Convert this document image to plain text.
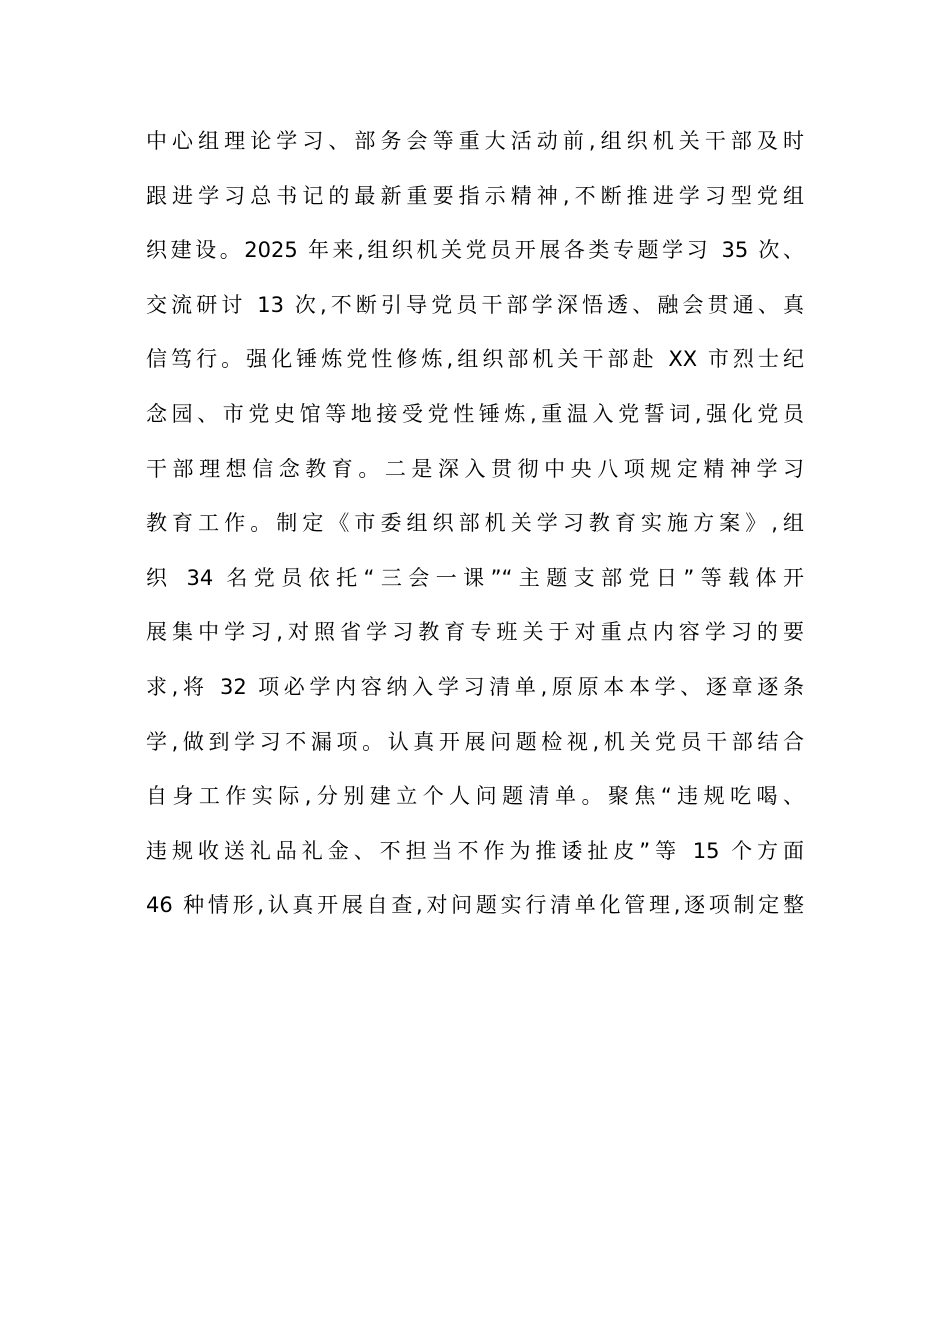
中心组理论学习、部务会等重大活动前,组织机关干部及时
跟进学习总书记的最新重要指示精神,不断推进学习型党组
织建设。2025 年来,组织机关党员开展各类专题学习 35 次、
交流研讨 13 次,不断引导党员干部学深悟透、融会贯通、真
信笃行。强化锤炼党性修炼,组织部机关干部赴 XX 市烈士纪
念园、市党史馆等地接受党性锤炼,重温入党誓词,强化党员
干部理想信念教育。二是深入贯彻中央八项规定精神学习
教育工作。制定《市委组织部机关学习教育实施方案》,组
织 34 名党员依托“三会一课”“主题支部党日”等载体开
展集中学习,对照省学习教育专班关于对重点内容学习的要
求,将 32 项必学内容纳入学习清单,原原本本学、逐章逐条
学,做到学习不漏项。认真开展问题检视,机关党员干部结合
自身工作实际,分别建立个人问题清单。聚焦“违规吃喝、
违规收送礼品礼金、不担当不作为推诿扯皮”等 15 个方面
46 种情形,认真开展自查,对问题实行清单化管理,逐项制定整
